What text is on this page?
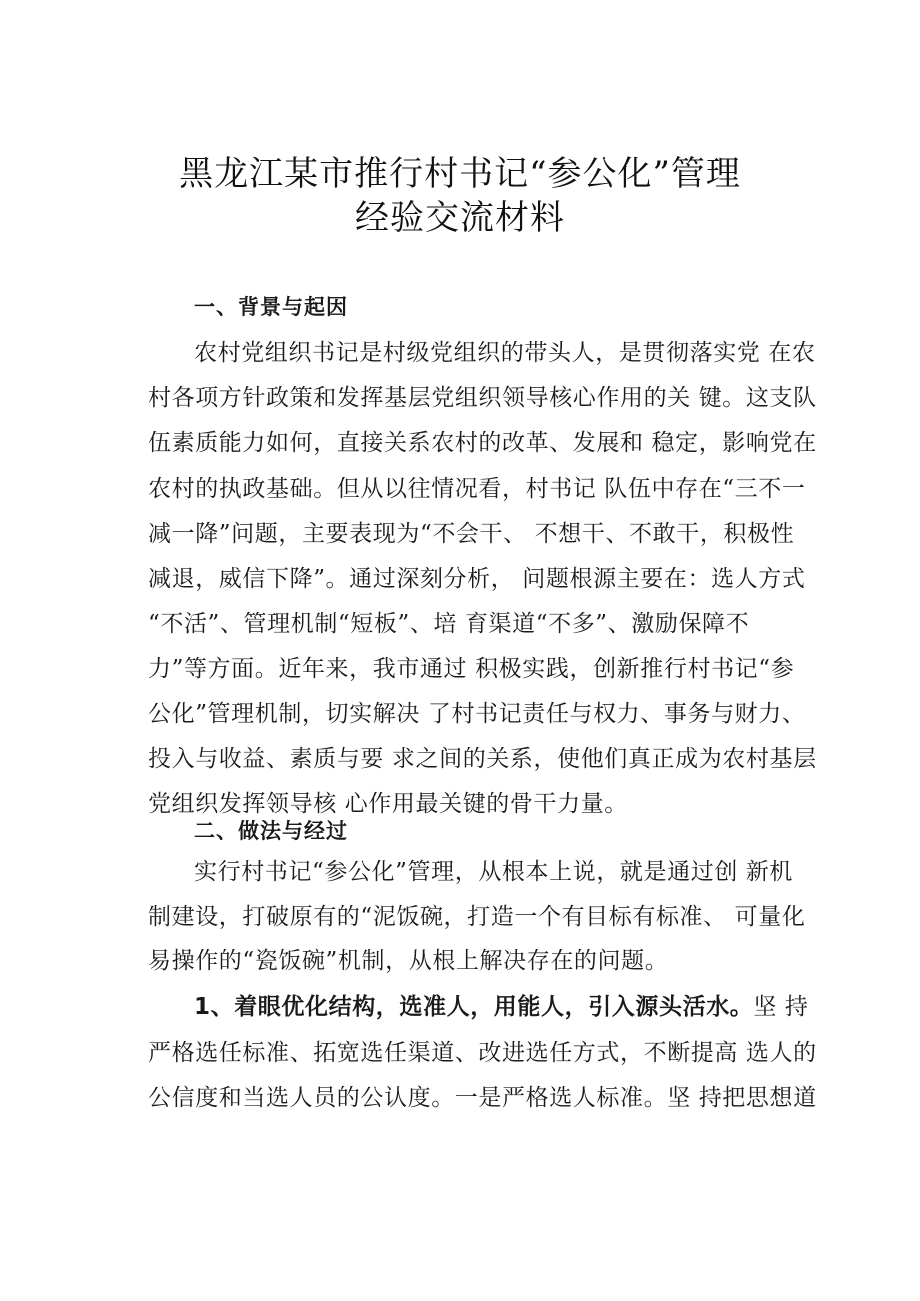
黑龙江某市推行村书记“参公化”管理
经验交流材料
一、背景与起因
农村党组织书记是村级党组织的带头人，是贯彻落实党 在农
村各项方针政策和发挥基层党组织领导核心作用的关 键。这支队
伍素质能力如何，直接关系农村的改革、发展和 稳定，影响党在
农村的执政基础。但从以往情况看，村书记 队伍中存在“三不一
减一降”问题，主要表现为“不会干、 不想干、不敢干，积极性
减退，威信下降”。通过深刻分析， 问题根源主要在：选人方式
“不活”、管理机制“短板”、培 育渠道“不多”、激励保障不
力”等方面。近年来，我市通过 积极实践，创新推行村书记“参
公化”管理机制，切实解决 了村书记责任与权力、事务与财力、
投入与收益、素质与要 求之间的关系，使他们真正成为农村基层
党组织发挥领导核 心作用最关键的骨干力量。
二、做法与经过
实行村书记“参公化”管理，从根本上说，就是通过创 新机
制建设，打破原有的“泥饭碗，打造一个有目标有标准、 可量化
易操作的“瓷饭碗”机制，从根上解决存在的问题。
1、着眼优化结构，选准人，用能人，引入源头活水。坚 持
严格选任标准、拓宽选任渠道、改进选任方式，不断提高 选人的
公信度和当选人员的公认度。一是严格选人标准。坚 持把思想道
